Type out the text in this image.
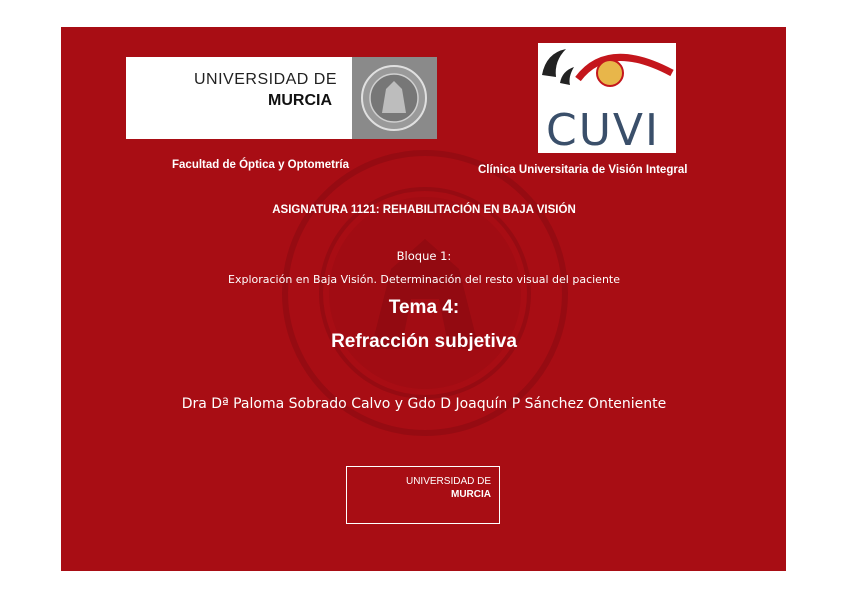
UNIVERSIDAD DE
MURCIA
CUVI
Facultad de Óptica y Optometría	Clínica Universitaria de Visión Integral
ASIGNATURA 1121: REHABILITACIÓN EN BAJA VISIÓN
Bloque 1:
Exploración en Baja Visión. Determinación del resto visual del paciente
Tema 4:
Refracción subjetiva
Dra Dª Paloma Sobrado Calvo y Gdo D Joaquín P Sánchez Onteniente
UNIVERSIDAD DE
MURCIA
